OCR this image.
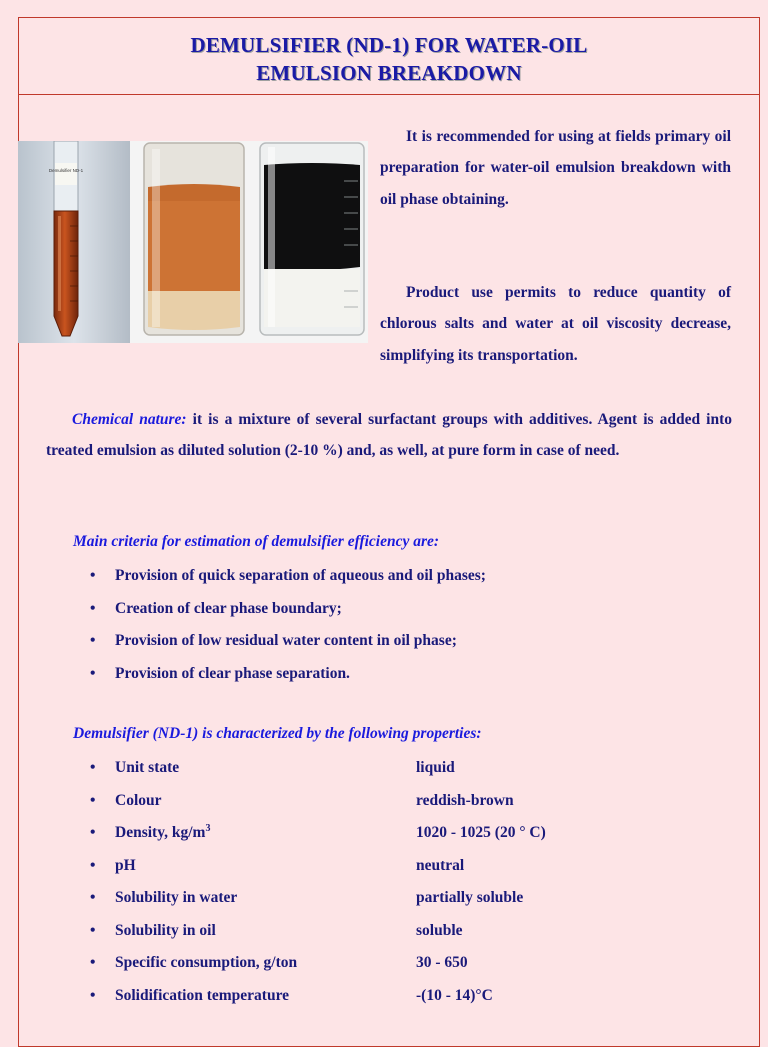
DEMULSIFIER (ND-1) FOR WATER-OIL
EMULSION BREAKDOWN
Demulsifier ND-1
It is recommended for using at fields primary oil preparation for water-oil emulsion breakdown with oil phase obtaining.
Product use permits to reduce quantity of chlorous salts and water at oil viscosity decrease, simplifying its transportation.
Chemical nature: it is a mixture of several surfactant groups with additives. Agent is added into treated emulsion as diluted solution (2-10 %) and, as well, at pure form in case of need.

Main criteria for estimation of demulsifier efficiency are:

• Provision of quick separation of aqueous and oil phases;
• Creation of clear phase boundary;
• Provision of low residual water content in oil phase;
• Provision of clear phase separation.

Demulsifier (ND-1) is characterized by the following properties:

• Unit state	liquid
• Colour	reddish-brown
• Density, $kg/m^3$	1020 - 1025 (20 ° C)
• pH	neutral
• Solubility in water	partially soluble
• Solubility in oil	soluble
• Specific consumption, g/ton	30 - 650
• Solidification temperature	-(10 - 14)°C
